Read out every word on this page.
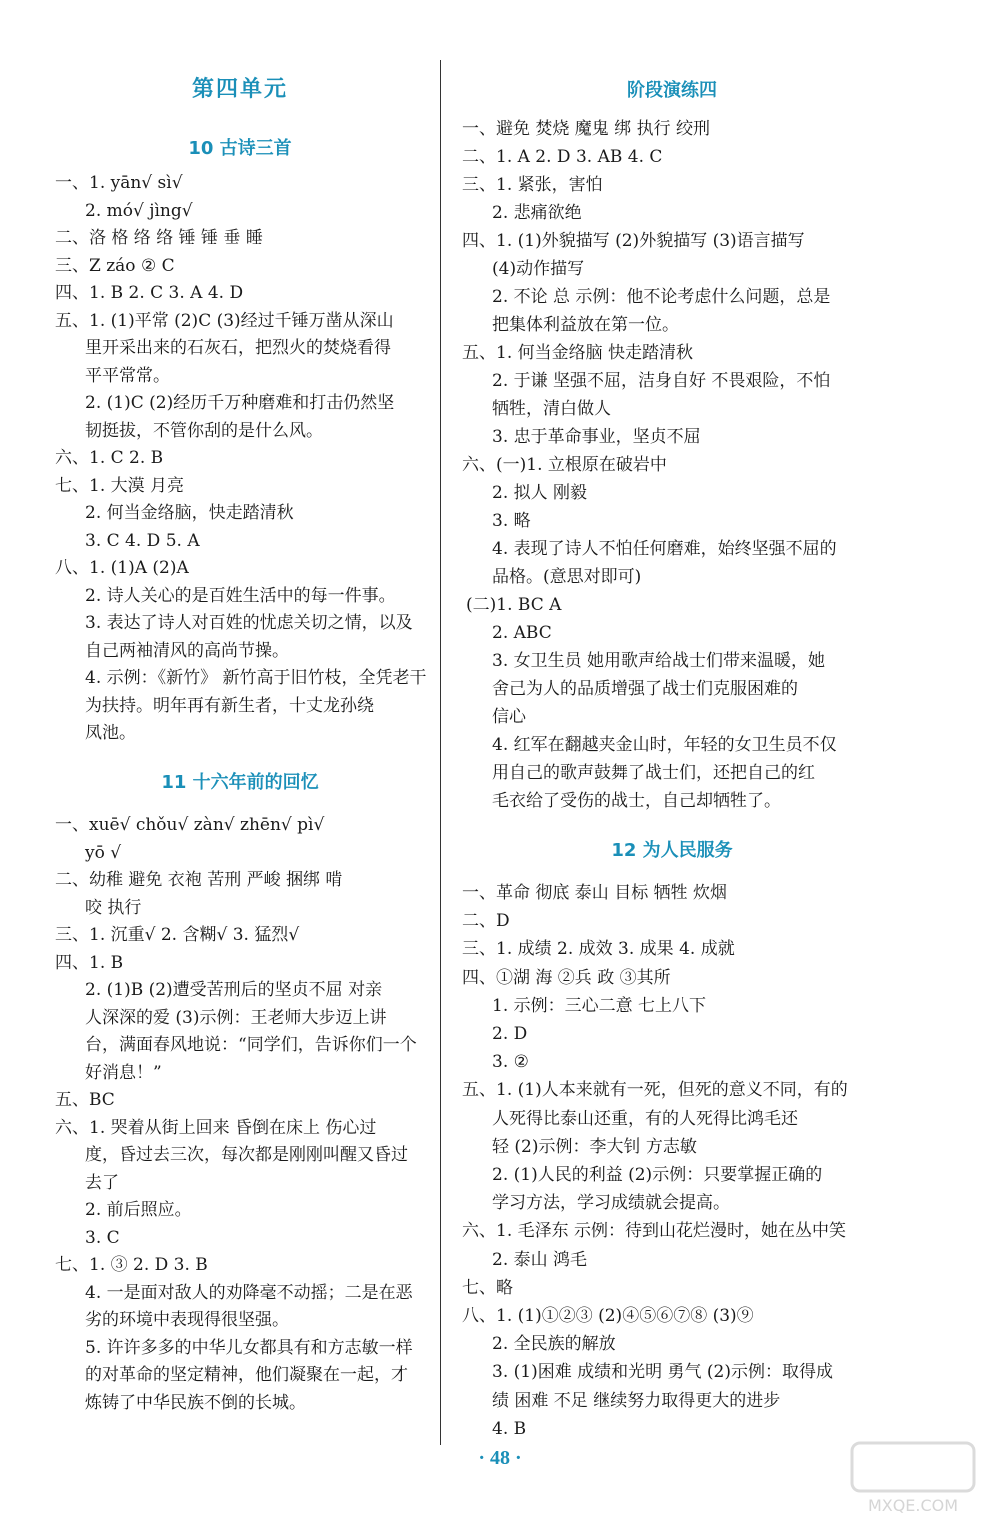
第四单元
10 古诗三首
一、1. yān√ sì√
2. mó√ jìng√
二、洛 格 络 络 锤 锤 垂 睡
三、Z záo ② C
四、1. B 2. C 3. A 4. D
五、1. (1)平常 (2)C (3)经过千锤万凿从深山
里开采出来的石灰石，把烈火的焚烧看得
平平常常。
2. (1)C (2)经历千万种磨难和打击仍然坚
韧挺拔，不管你刮的是什么风。
六、1. C 2. B
七、1. 大漠 月亮
2. 何当金络脑，快走踏清秋
3. C 4. D 5. A
八、1. (1)A (2)A
2. 诗人关心的是百姓生活中的每一件事。
3. 表达了诗人对百姓的忧虑关切之情，以及
自己两袖清风的高尚节操。
4. 示例：《新竹》 新竹高于旧竹枝，全凭老干
为扶持。明年再有新生者，十丈龙孙绕
凤池。
11 十六年前的回忆
一、xuē√ chǒu√ zàn√ zhēn√ pì√
yō √
二、幼稚 避免 衣袍 苦刑 严峻 捆绑 啃
咬 执行
三、1. 沉重√ 2. 含糊√ 3. 猛烈√
四、1. B
2. (1)B (2)遭受苦刑后的坚贞不屈 对亲
人深深的爱 (3)示例：王老师大步迈上讲
台，满面春风地说：“同学们，告诉你们一个
好消息！”
五、BC
六、1. 哭着从街上回来 昏倒在床上 伤心过
度，昏过去三次，每次都是刚刚叫醒又昏过
去了
2. 前后照应。
3. C
七、1. ③ 2. D 3. B
4. 一是面对敌人的劝降毫不动摇；二是在恶
劣的环境中表现得很坚强。
5. 许许多多的中华儿女都具有和方志敏一样
的对革命的坚定精神，他们凝聚在一起，才
炼铸了中华民族不倒的长城。
阶段演练四
一、避免 焚烧 魔鬼 绑 执行 绞刑
二、1. A 2. D 3. AB 4. C
三、1. 紧张，害怕
2. 悲痛欲绝
四、1. (1)外貌描写 (2)外貌描写 (3)语言描写
(4)动作描写
2. 不论 总 示例：他不论考虑什么问题，总是
把集体利益放在第一位。
五、1. 何当金络脑 快走踏清秋
2. 于谦 坚强不屈，洁身自好 不畏艰险，不怕
牺牲，清白做人
3. 忠于革命事业，坚贞不屈
六、(一)1. 立根原在破岩中
2. 拟人 刚毅
3. 略
4. 表现了诗人不怕任何磨难，始终坚强不屈的
品格。(意思对即可)
(二)1. BC A
2. ABC
3. 女卫生员 她用歌声给战士们带来温暖，她
舍己为人的品质增强了战士们克服困难的
信心
4. 红军在翻越夹金山时，年轻的女卫生员不仅
用自己的歌声鼓舞了战士们，还把自己的红
毛衣给了受伤的战士，自己却牺牲了。
12 为人民服务
一、革命 彻底 泰山 目标 牺牲 炊烟
二、D
三、1. 成绩 2. 成效 3. 成果 4. 成就
四、①湖 海 ②兵 政 ③其所
1. 示例：三心二意 七上八下
2. D
3. ②
五、1. (1)人本来就有一死，但死的意义不同，有的
人死得比泰山还重，有的人死得比鸿毛还
轻 (2)示例：李大钊 方志敏
2. (1)人民的利益 (2)示例：只要掌握正确的
学习方法，学习成绩就会提高。
六、1. 毛泽东 示例：待到山花烂漫时，她在丛中笑
2. 泰山 鸿毛
七、略
八、1. (1)①②③ (2)④⑤⑥⑦⑧ (3)⑨
2. 全民族的解放
3. (1)困难 成绩和光明 勇气 (2)示例：取得成
绩 困难 不足 继续努力取得更大的进步
4. B
· 48 ·
MXQE.COM
